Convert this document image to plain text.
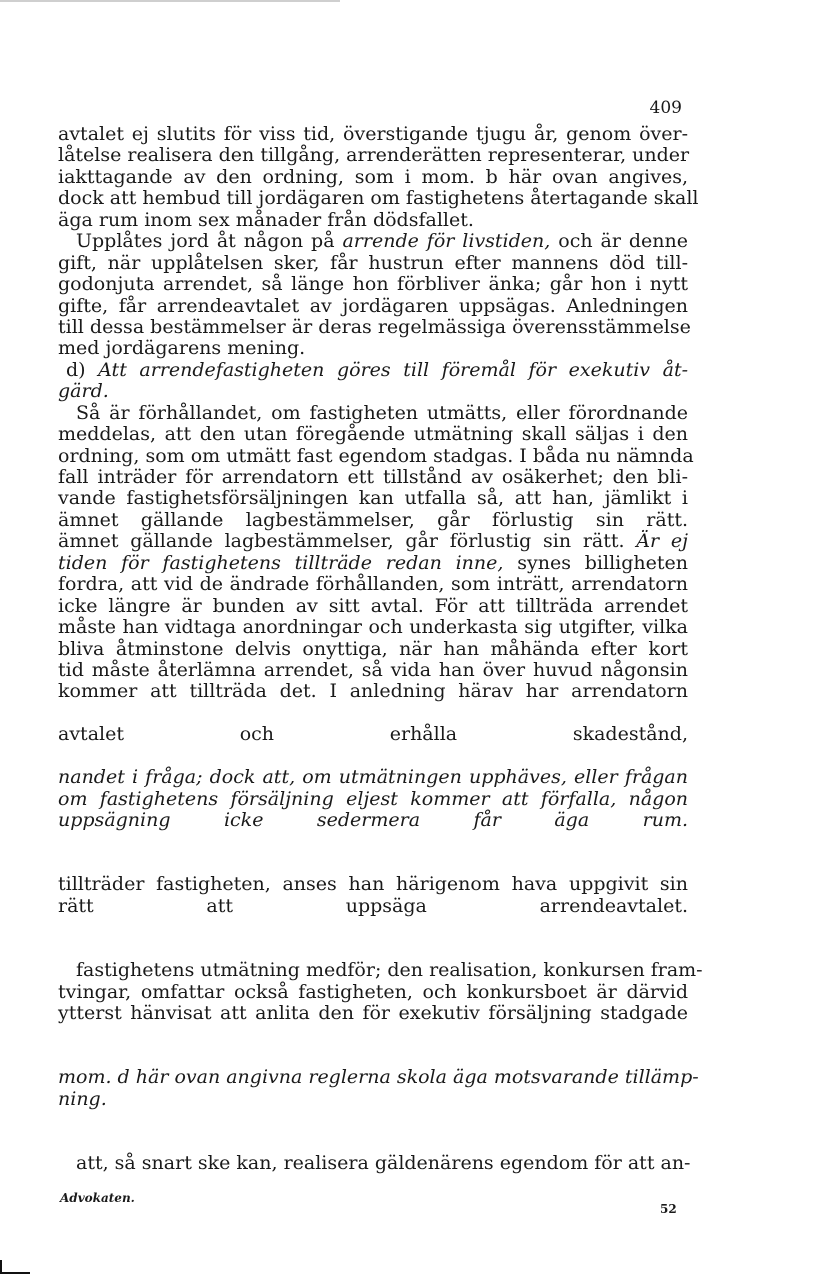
409
avtalet ej slutits för viss tid, överstigande tjugu år, genom över-
låtelse realisera den tillgång, arrenderätten representerar, under
iakttagande av den ordning, som i mom. b här ovan angives,
dock att hembud till jordägaren om fastighetens återtagande skall
äga rum inom sex månader från dödsfallet.
Upplåtes jord åt någon på arrende för livstiden, och är denne
gift, när upplåtelsen sker, får hustrun efter mannens död till-
godonjuta arrendet, så länge hon förbliver änka; går hon i nytt
gifte, får arrendeavtalet av jordägaren uppsägas. Anledningen
till dessa bestämmelser är deras regelmässiga överensstämmelse
med jordägarens mening.
d) Att arrendefastigheten göres till föremål för exekutiv åt-
gärd.
Så är förhållandet, om fastigheten utmätts, eller förordnande
meddelas, att den utan föregående utmätning skall säljas i den
ordning, som om utmätt fast egendom stadgas. I båda nu nämnda
fall inträder för arrendatorn ett tillstånd av osäkerhet; den bli-
vande fastighetsförsäljningen kan utfalla så, att han, jämlikt i
ämnet gällande lagbestämmelser, går förlustig sin rätt.
ämnet gällande lagbestämmelser, går förlustig sin rätt. Är ej
tiden för fastighetens tillträde redan inne, synes billigheten
fordra, att vid de ändrade förhållanden, som inträtt, arrendatorn
icke längre är bunden av sitt avtal. För att tillträda arrendet
måste han vidtaga anordningar och underkasta sig utgifter, vilka
bliva åtminstone delvis onyttiga, när han måhända efter kort
tid måste återlämna arrendet, så vida han över huvud någonsin
kommer att tillträda det. I anledning härav har arrendatorn
avtalet och erhålla skadestånd,
nandet i fråga; dock att, om utmätningen upphäves, eller frågan
om fastighetens försäljning eljest kommer att förfalla, någon
uppsägning icke sedermera får äga rum.
tillträder fastigheten, anses han härigenom hava uppgivit sin
rätt att uppsäga arrendeavtalet.
fastighetens utmätning medför; den realisation, konkursen fram-
tvingar, omfattar också fastigheten, och konkursboet är därvid
ytterst hänvisat att anlita den för exekutiv försäljning stadgade
mom. d här ovan angivna reglerna skola äga motsvarande tillämp-
ning.
att, så snart ske kan, realisera gäldenärens egendom för att an-
Advokaten.
52
